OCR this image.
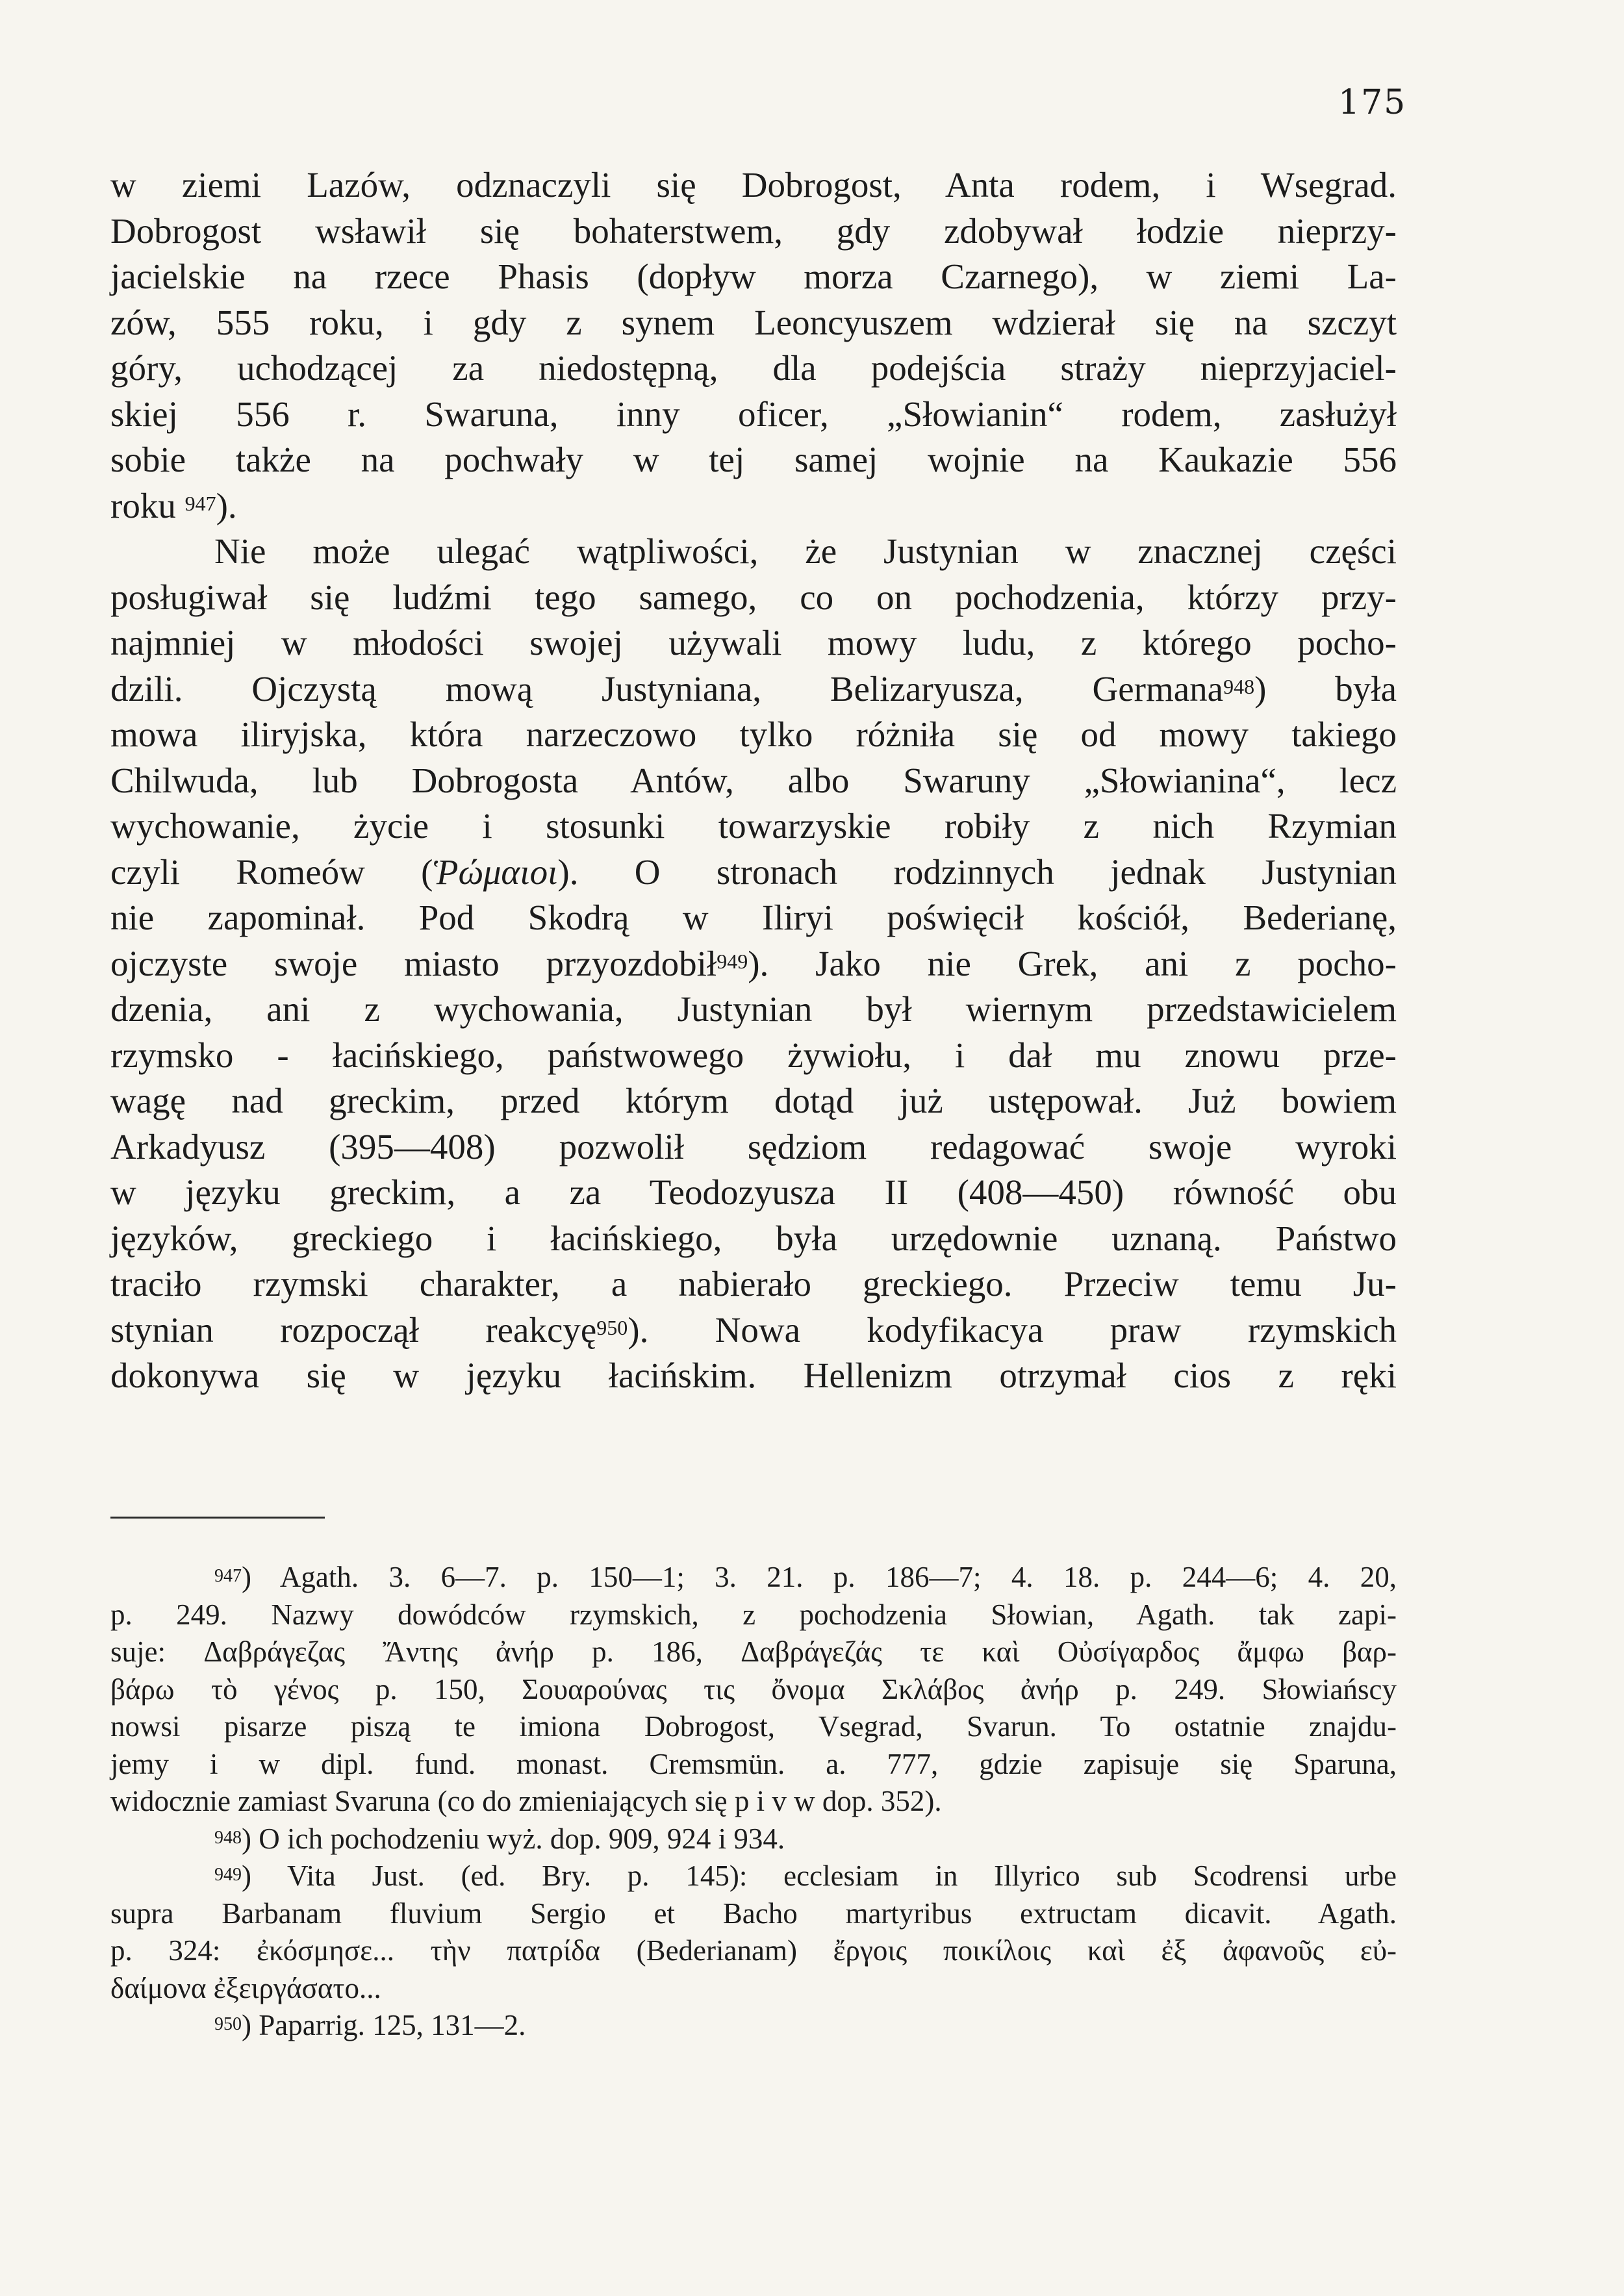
175

w ziemi Lazów, odznaczyli się Dobrogost, Anta rodem, i Wsegrad.
Dobrogost wsławił się bohaterstwem, gdy zdobywał łodzie nieprzy-
jacielskie na rzece Phasis (dopływ morza Czarnego), w ziemi La-
zów, 555 roku, i gdy z synem Leoncyuszem wdzierał się na szczyt
góry, uchodzącej za niedostępną, dla podejścia straży nieprzyjaciel-
skiej 556 r. Swaruna, inny oficer, „Słowianin“ rodem, zasłużył
sobie także na pochwały w tej samej wojnie na Kaukazie 556
roku $^{947}$).

Nie może ulegać wątpliwości, że Justynian w znacznej części
posługiwał się ludźmi tego samego, co on pochodzenia, którzy przy-
najmniej w młodości swojej używali mowy ludu, z którego pocho-
dzili. Ojczystą mową Justyniana, Belizaryusza, Germana$^{948}$) była
mowa iliryjska, która narzeczowo tylko różniła się od mowy takiego
Chilwuda, lub Dobrogosta Antów, albo Swaruny „Słowianina“, lecz
wychowanie, życie i stosunki towarzyskie robiły z nich Rzymian
czyli Romeów (Ῥώμαιοι). O stronach rodzinnych jednak Justynian
nie zapominał. Pod Skodrą w Iliryi poświęcił kościół, Bederianę,
ojczyste swoje miasto przyozdobił$^{949}$). Jako nie Grek, ani z pocho-
dzenia, ani z wychowania, Justynian był wiernym przedstawicielem
rzymsko - łacińskiego, państwowego żywiołu, i dał mu znowu prze-
wagę nad greckim, przed którym dotąd już ustępował. Już bowiem
Arkadyusz (395—408) pozwolił sędziom redagować swoje wyroki
w języku greckim, a za Teodozyusza II (408—450) równość obu
języków, greckiego i łacińskiego, była urzędownie uznaną. Państwo
traciło rzymski charakter, a nabierało greckiego. Przeciw temu Ju-
stynian rozpoczął reakcyę$^{950}$). Nowa kodyfikacya praw rzymskich
dokonywa się w języku łacińskim. Hellenizm otrzymał cios z ręki

$^{947}$) Agath. 3. 6—7. p. 150—1; 3. 21. p. 186—7; 4. 18. p. 244—6; 4. 20,
p. 249. Nazwy dowódców rzymskich, z pochodzenia Słowian, Agath. tak zapi-
suje: Δαβράγεζας Ἄντης ἀνήρ p. 186, Δαβράγεζάς τε καὶ Οὐσίγαρδος ἄμφω βαρ-
βάρω τὸ γένος p. 150, Σουαρούνας τις ὄνομα Σκλάβος ἀνήρ p. 249. Słowiańscy
nowsi pisarze piszą te imiona Dobrogost, Vsegrad, Svarun. To ostatnie znajdu-
jemy i w dipl. fund. monast. Cremsmün. a. 777, gdzie zapisuje się Sparuna,
widocznie zamiast Svaruna (co do zmieniających się p i v w dop. 352).
$^{948}$) O ich pochodzeniu wyż. dop. 909, 924 i 934.
$^{949}$) Vita Just. (ed. Bry. p. 145): ecclesiam in Illyrico sub Scodrensi urbe
supra Barbanam fluvium Sergio et Bacho martyribus extructam dicavit. Agath.
p. 324: ἐκόσμησε... τὴν πατρίδα (Bederianam) ἔργοις ποικίλοις καὶ ἐξ ἀφανοῦς εὐ-
δαίμονα ἐξειργάσατο...
$^{950}$) Paparrig. 125, 131—2.
